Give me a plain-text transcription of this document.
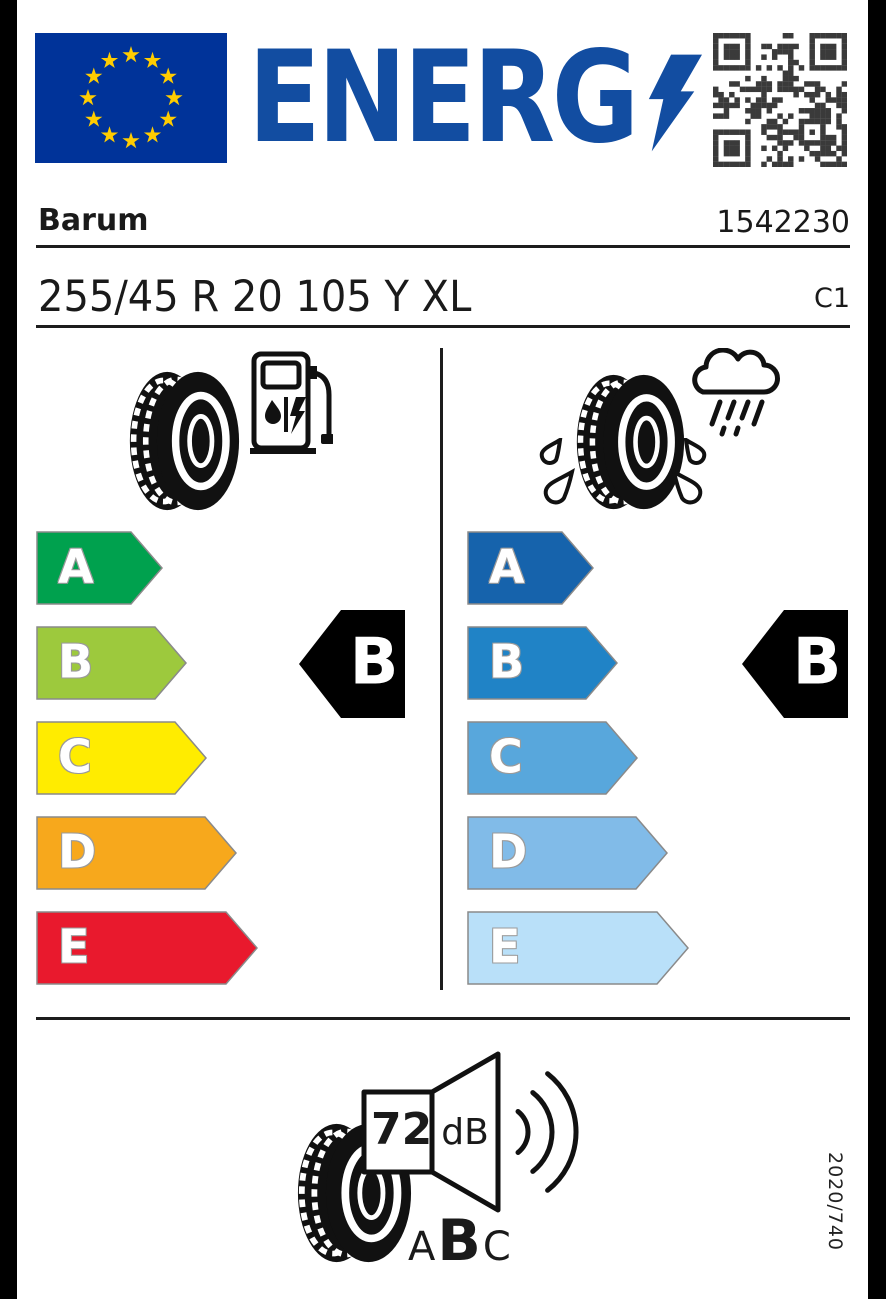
ENERG
Barum	1542230
255/45 R 20 105 Y XL	C1
A
B
C
D
E
B
A
B
C
D
E
B
72 dB
A B C	2020/740
